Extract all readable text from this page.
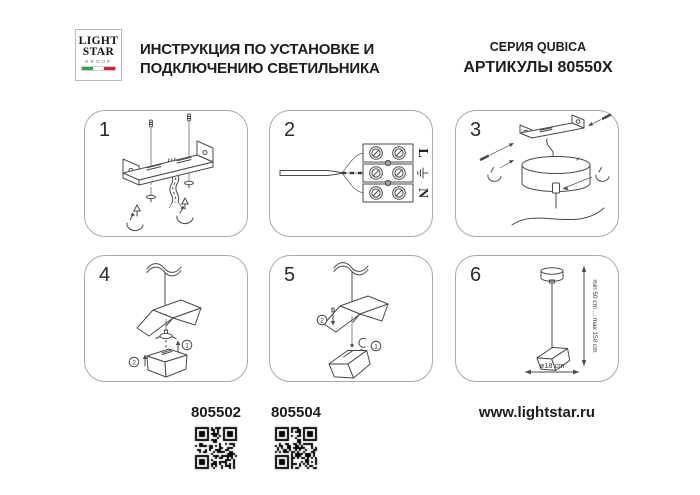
LIGHT
STAR
GROUP
ИНСТРУКЦИЯ ПО УСТАНОВКЕ И
ПОДКЛЮЧЕНИЮ СВЕТИЛЬНИКА
СЕРИЯ QUBICA
АРТИКУЛЫ 80550X
1
L
N
2	3
1
2
4
2
1
5
min 50 cm ... max 150 cm
ø18 cm
6
805502	805504	www.lightstar.ru
